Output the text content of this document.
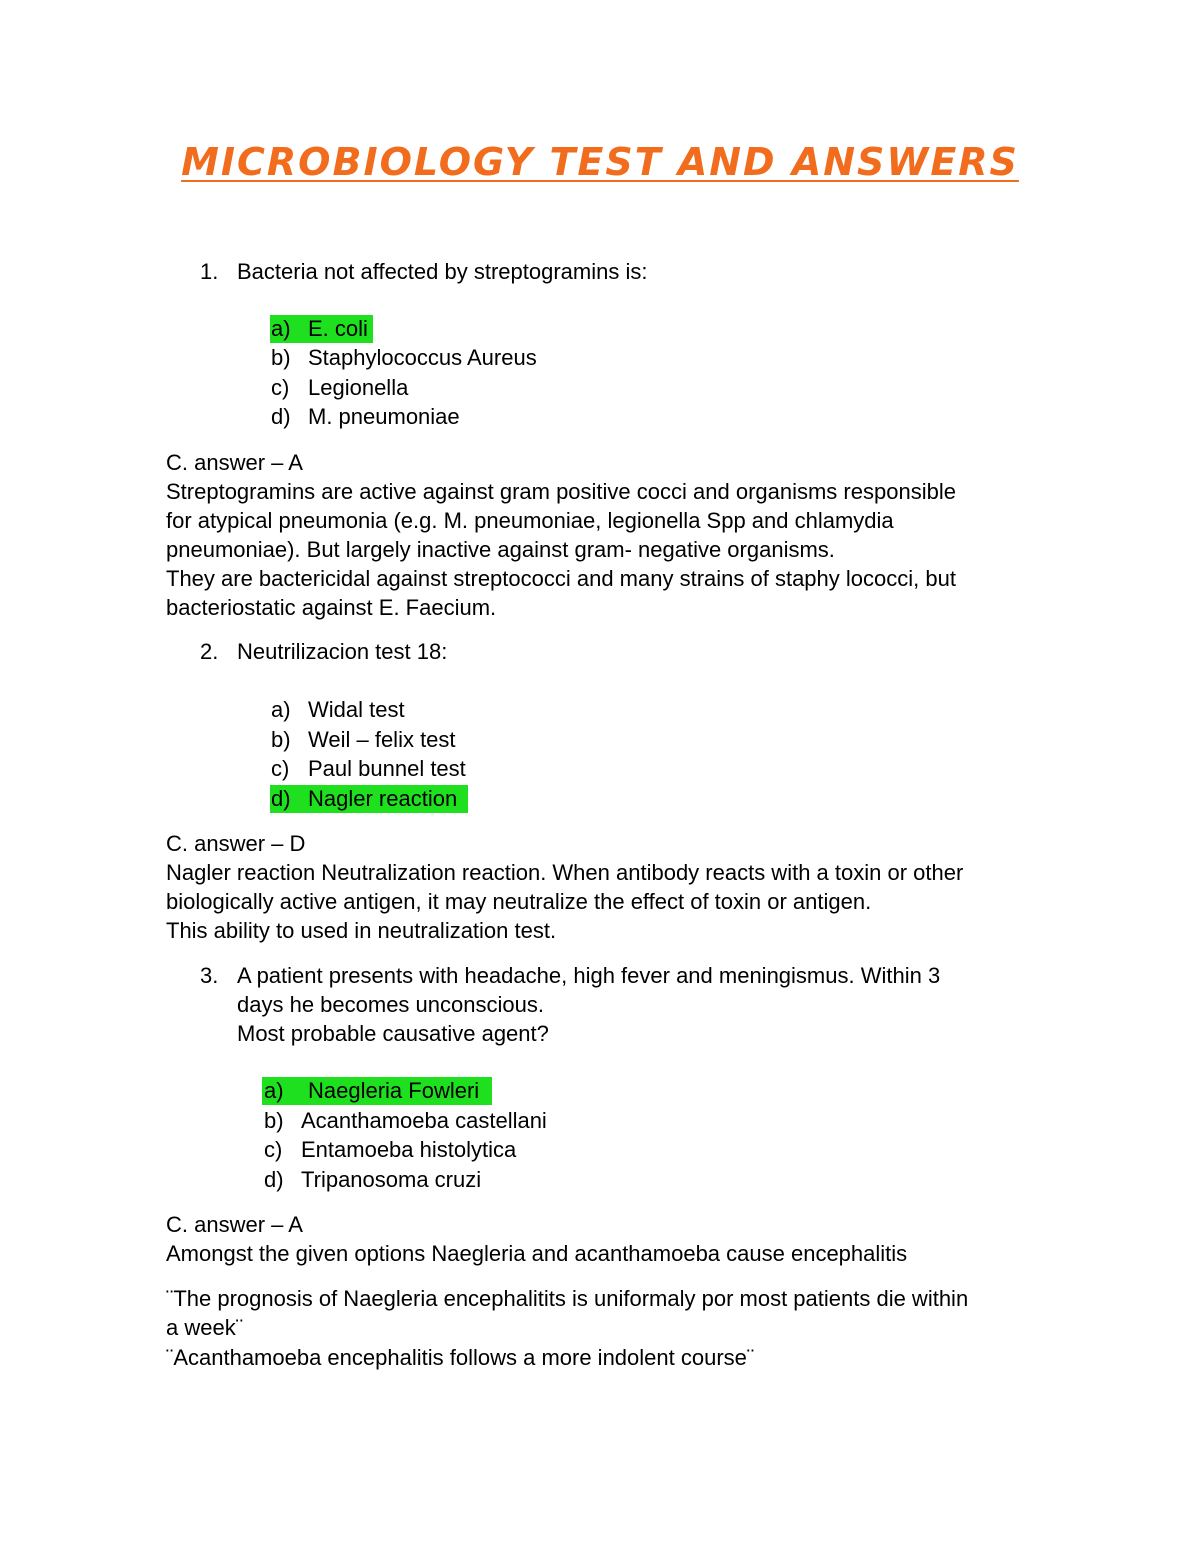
MICROBIOLOGY TEST AND ANSWERS
1. Bacteria not affected by streptogramins is:
a) E. coli
b) Staphylococcus Aureus
c) Legionella
d) M. pneumoniae
C. answer – A
Streptogramins are active against gram positive cocci and organisms responsible
for atypical pneumonia (e.g. M. pneumoniae, legionella Spp and chlamydia
pneumoniae). But largely inactive against gram- negative organisms.
They are bactericidal against streptococci and many strains of staphy lococci, but
bacteriostatic against E. Faecium.
2. Neutrilizacion test 18:
a) Widal test
b) Weil – felix test
c) Paul bunnel test
d) Nagler reaction
C. answer – D
Nagler reaction Neutralization reaction. When antibody reacts with a toxin or other
biologically active antigen, it may neutralize the effect of toxin or antigen.
This ability to used in neutralization test.
3. A patient presents with headache, high fever and meningismus. Within 3
days he becomes unconscious.
Most probable causative agent?
a) Naegleria Fowleri
b) Acanthamoeba castellani
c) Entamoeba histolytica
d) Tripanosoma cruzi
C. answer – A
Amongst the given options Naegleria and acanthamoeba cause encephalitis
¨The prognosis of Naegleria encephalitits is uniformaly por most patients die within
a week¨
¨Acanthamoeba encephalitis follows a more indolent course¨
